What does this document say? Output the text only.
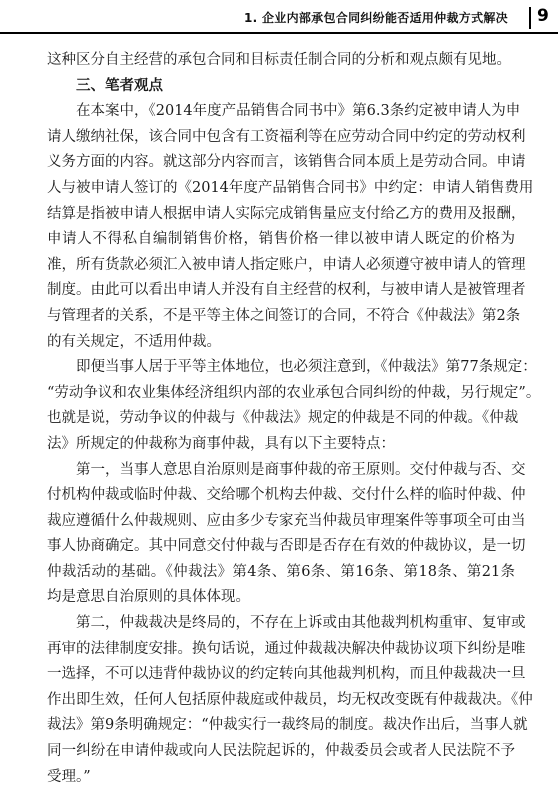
1. 企业内部承包合同纠纷能否适用仲裁方式解决 9
这种区分自主经营的承包合同和目标责任制合同的分析和观点颇有见地。
三、笔者观点
在本案中，《2014年度产品销售合同书中》第6.3条约定被申请人为申
请人缴纳社保，该合同中包含有工资福利等在应劳动合同中约定的劳动权利
义务方面的内容。就这部分内容而言，该销售合同本质上是劳动合同。申请
人与被申请人签订的《2014年度产品销售合同书》中约定：申请人销售费用
结算是指被申请人根据申请人实际完成销售量应支付给乙方的费用及报酬，
申请人不得私自编制销售价格，销售价格一律以被申请人既定的价格为
准，所有货款必须汇入被申请人指定账户，申请人必须遵守被申请人的管理
制度。由此可以看出申请人并没有自主经营的权利，与被申请人是被管理者
与管理者的关系，不是平等主体之间签订的合同，不符合《仲裁法》第2条
的有关规定，不适用仲裁。
即便当事人居于平等主体地位，也必须注意到，《仲裁法》第77条规定：
“劳动争议和农业集体经济组织内部的农业承包合同纠纷的仲裁，另行规定”。
也就是说，劳动争议的仲裁与《仲裁法》规定的仲裁是不同的仲裁。《仲裁
法》所规定的仲裁称为商事仲裁，具有以下主要特点：
第一，当事人意思自治原则是商事仲裁的帝王原则。交付仲裁与否、交
付机构仲裁或临时仲裁、交给哪个机构去仲裁、交付什么样的临时仲裁、仲
裁应遵循什么仲裁规则、应由多少专家充当仲裁员审理案件等事项全可由当
事人协商确定。其中同意交付仲裁与否即是否存在有效的仲裁协议，是一切
仲裁活动的基础。《仲裁法》第4条、第6条、第16条、第18条、第21条
均是意思自治原则的具体体现。
第二，仲裁裁决是终局的，不存在上诉或由其他裁判机构重审、复审或
再审的法律制度安排。换句话说，通过仲裁裁决解决仲裁协议项下纠纷是唯
一选择，不可以违背仲裁协议的约定转向其他裁判机构，而且仲裁裁决一旦
作出即生效，任何人包括原仲裁庭或仲裁员，均无权改变既有仲裁裁决。《仲
裁法》第9条明确规定：“仲裁实行一裁终局的制度。裁决作出后，当事人就
同一纠纷在申请仲裁或向人民法院起诉的，仲裁委员会或者人民法院不予
受理。”
